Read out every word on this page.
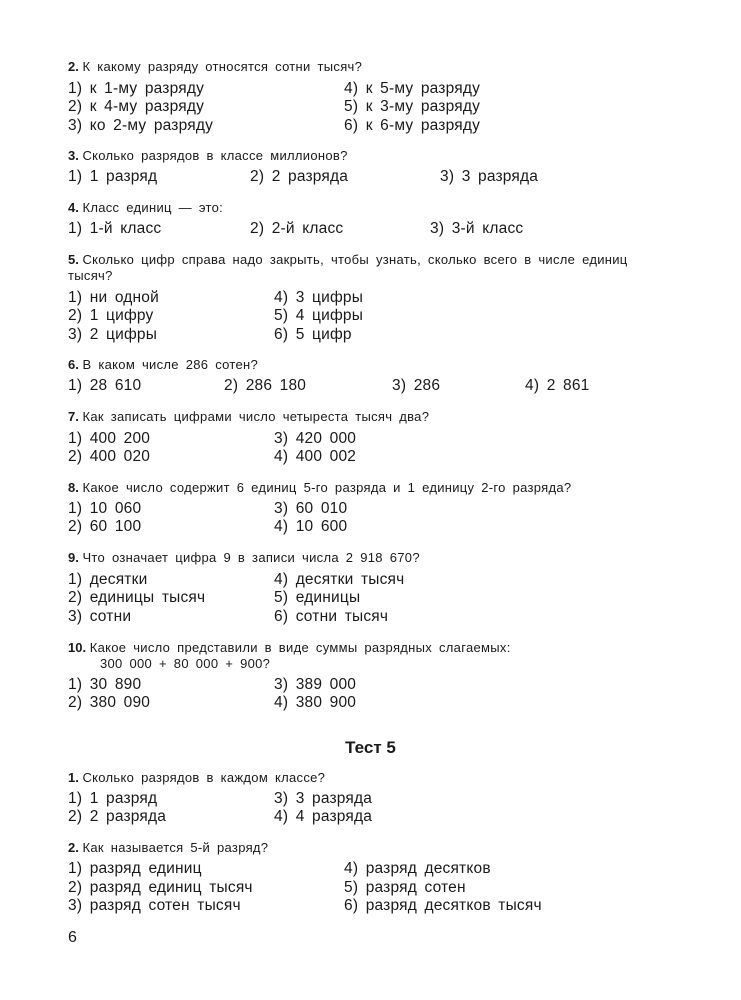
2. К какому разряду относятся сотни тысяч?
1) к 1-му разряду
2) к 4-му разряду
3) ко 2-му разряду
4) к 5-му разряду
5) к 3-му разряду
6) к 6-му разряду
3. Сколько разрядов в классе миллионов?
1) 1 разряд	2) 2 разряда	3) 3 разряда
4. Класс единиц — это:
1) 1-й класс	2) 2-й класс	3) 3-й класс
5. Сколько цифр справа надо закрыть, чтобы узнать, сколько всего в числе единиц
тысяч?
1) ни одной
2) 1 цифру
3) 2 цифры
4) 3 цифры
5) 4 цифры
6) 5 цифр
6. В каком числе 286 сотен?
1) 28 610	2) 286 180	3) 286	4) 2 861
7. Как записать цифрами число четыреста тысяч два?
1) 400 200
2) 400 020
3) 420 000
4) 400 002
8. Какое число содержит 6 единиц 5-го разряда и 1 единицу 2-го разряда?
1) 10 060
2) 60 100
3) 60 010
4) 10 600
9. Что означает цифра 9 в записи числа 2 918 670?
1) десятки
2) единицы тысяч
3) сотни
4) десятки тысяч
5) единицы
6) сотни тысяч
10. Какое число представили в виде суммы разрядных слагаемых:
300 000 + 80 000 + 900?
1) 30 890
2) 380 090
3) 389 000
4) 380 900
Тест 5
1. Сколько разрядов в каждом классе?
1) 1 разряд
2) 2 разряда
3) 3 разряда
4) 4 разряда
2. Как называется 5-й разряд?
1) разряд единиц
2) разряд единиц тысяч
3) разряд сотен тысяч
4) разряд десятков
5) разряд сотен
6) разряд десятков тысяч
6
